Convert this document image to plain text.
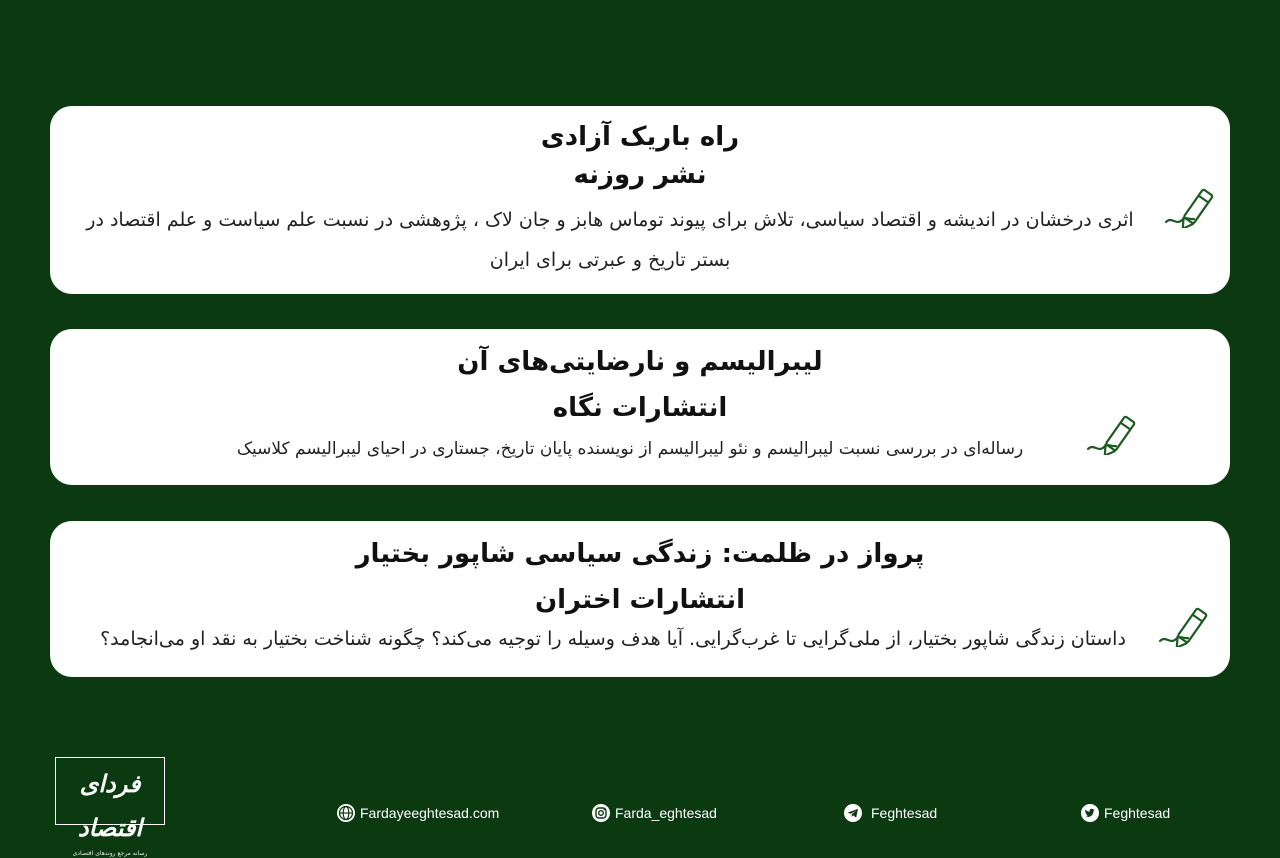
راه باریک آزادی
نشر روزنه
اثری درخشان در اندیشه و اقتصاد سیاسی، تلاش برای پیوند توماس هابز و جان لاک ، پژوهشی در نسبت علم سیاست و علم اقتصاد در بستر تاریخ و عبرتی برای ایران
لیبرالیسم و نارضایتی‌های آن
انتشارات نگاه
رساله‌ای در بررسی نسبت لیبرالیسم و نئو لیبرالیسم از نویسنده پایان تاریخ، جستاری در احیای لیبرالیسم کلاسیک
پرواز در ظلمت: زندگی سیاسی شاپور بختیار
انتشارات اختران
داستان زندگی شاپور بختیار، از ملی‌گرایی تا غرب‌گرایی. آیا هدف وسیله را توجیه می‌کند؟ چگونه شناخت بختیار به نقد او می‌انجامد؟
فردای اقتصاد
رسانه مرجع روندهای اقتصادی
Fardayeeghtesad.com	Farda_eghtesad	Feghtesad	Feghtesad
